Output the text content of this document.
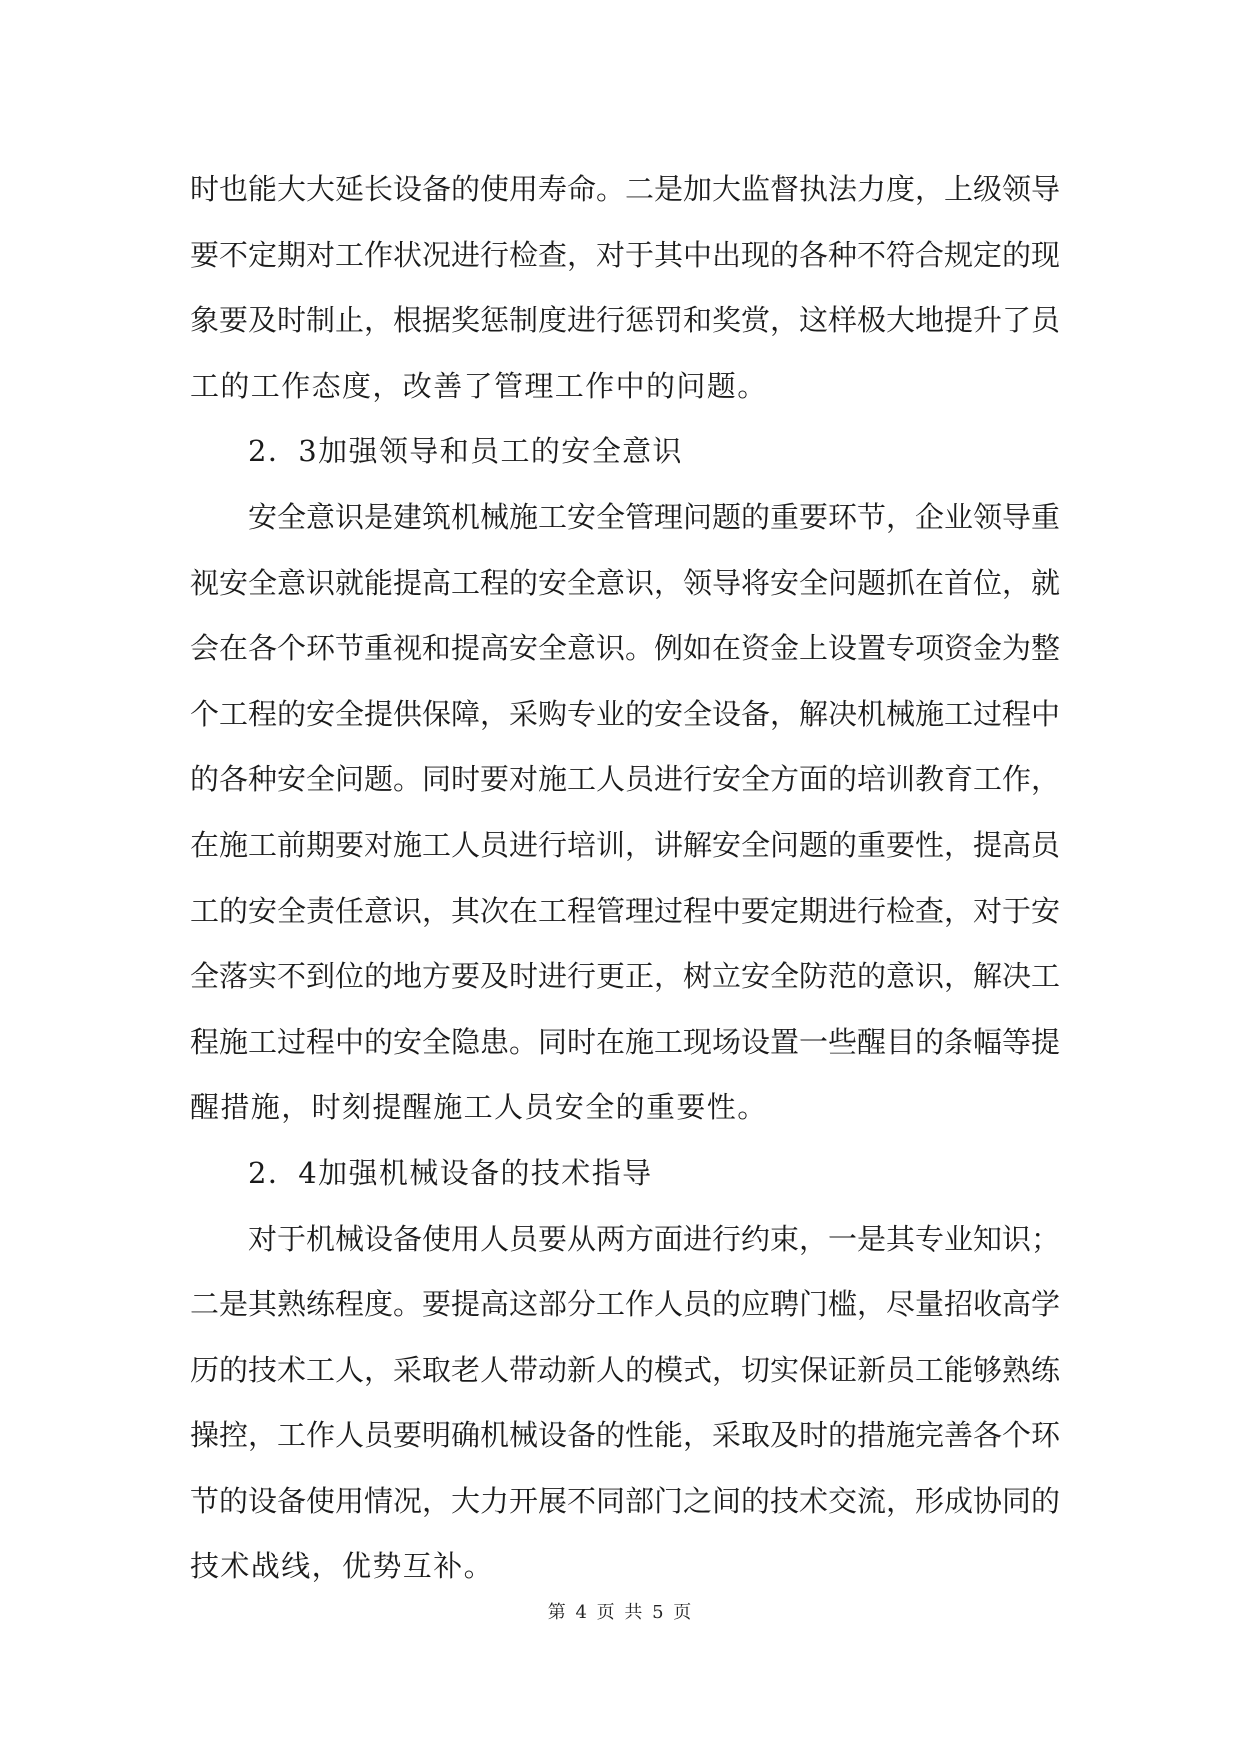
时也能大大延长设备的使用寿命。二是加大监督执法力度，上级领导
要不定期对工作状况进行检查，对于其中出现的各种不符合规定的现
象要及时制止，根据奖惩制度进行惩罚和奖赏，这样极大地提升了员
工的工作态度，改善了管理工作中的问题。
2．3加强领导和员工的安全意识
安全意识是建筑机械施工安全管理问题的重要环节，企业领导重
视安全意识就能提高工程的安全意识，领导将安全问题抓在首位，就
会在各个环节重视和提高安全意识。例如在资金上设置专项资金为整
个工程的安全提供保障，采购专业的安全设备，解决机械施工过程中
的各种安全问题。同时要对施工人员进行安全方面的培训教育工作，
在施工前期要对施工人员进行培训，讲解安全问题的重要性，提高员
工的安全责任意识，其次在工程管理过程中要定期进行检查，对于安
全落实不到位的地方要及时进行更正，树立安全防范的意识，解决工
程施工过程中的安全隐患。同时在施工现场设置一些醒目的条幅等提
醒措施，时刻提醒施工人员安全的重要性。
2．4加强机械设备的技术指导
对于机械设备使用人员要从两方面进行约束，一是其专业知识；
二是其熟练程度。要提高这部分工作人员的应聘门槛，尽量招收高学
历的技术工人，采取老人带动新人的模式，切实保证新员工能够熟练
操控，工作人员要明确机械设备的性能，采取及时的措施完善各个环
节的设备使用情况，大力开展不同部门之间的技术交流，形成协同的
技术战线，优势互补。
第 4 页 共 5 页
